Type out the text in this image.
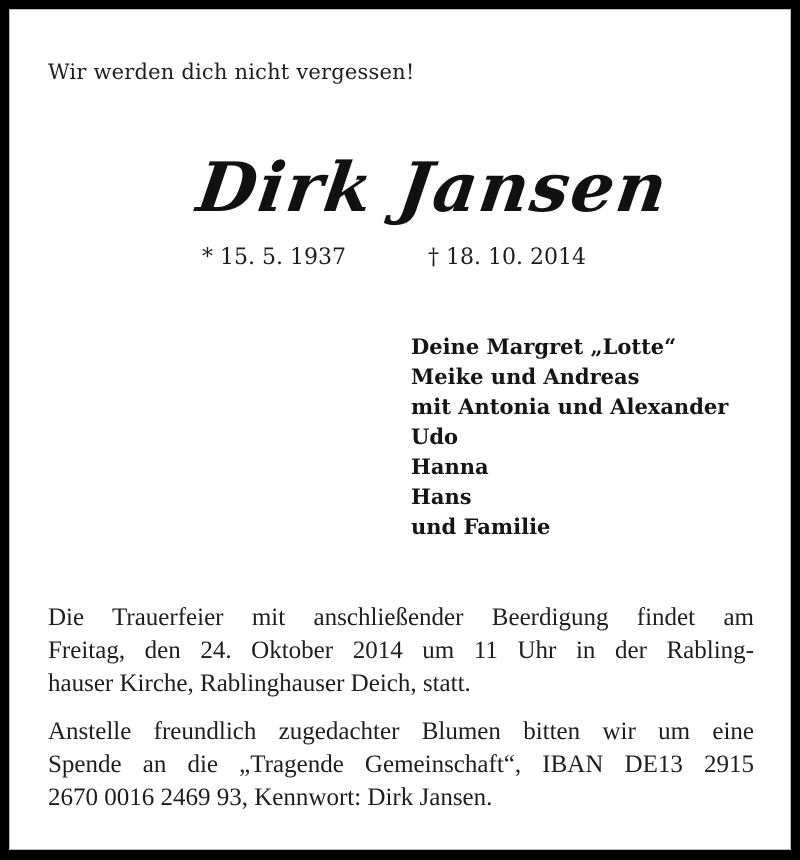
Wir werden dich nicht vergessen!
Dirk Jansen
* 15. 5. 1937	† 18. 10. 2014
Deine Margret „Lotte“
Meike und Andreas
mit Antonia und Alexander
Udo
Hanna
Hans
und Familie
Die Trauerfeier mit anschließender Beerdigung findet am
Freitag, den 24. Oktober 2014 um 11 Uhr in der Rabling-
hauser Kirche, Rablinghauser Deich, statt.
Anstelle freundlich zugedachter Blumen bitten wir um eine
Spende an die „Tragende Gemeinschaft“, IBAN DE13 2915
2670 0016 2469 93, Kennwort: Dirk Jansen.
